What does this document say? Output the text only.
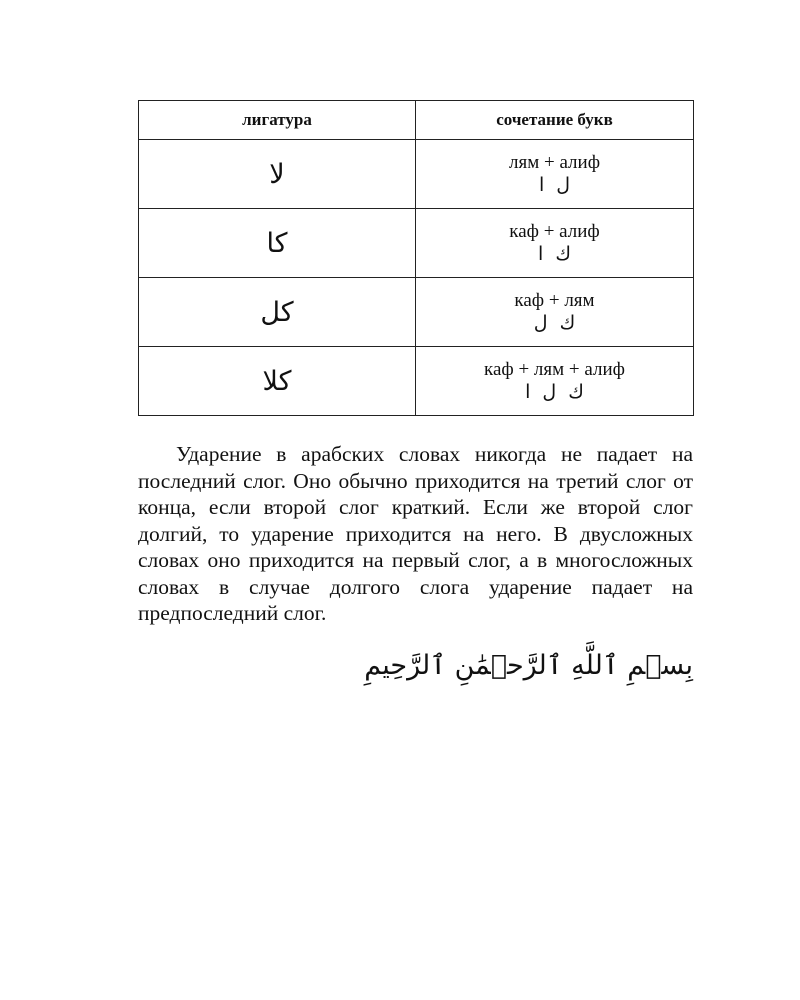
лигатура	сочетание букв
لا	лям + алиф
ل ا

كا	каф + алиф
ك ا

كل	каф + лям
ك ل

كلا	каф + лям + алиф
ك ل ا

Ударение в арабских словах никогда не падает на последний слог. Оно обычно приходится на третий слог от конца, если второй слог краткий. Если же второй слог долгий, то ударение приходится на него. В двусложных словах оно приходится на первый слог, а в многосложных словах в случае долгого слога ударение падает на предпоследний слог.

بِسۡمِ ٱللَّهِ ٱلرَّحۡمَٰنِ ٱلرَّحِيمِ
